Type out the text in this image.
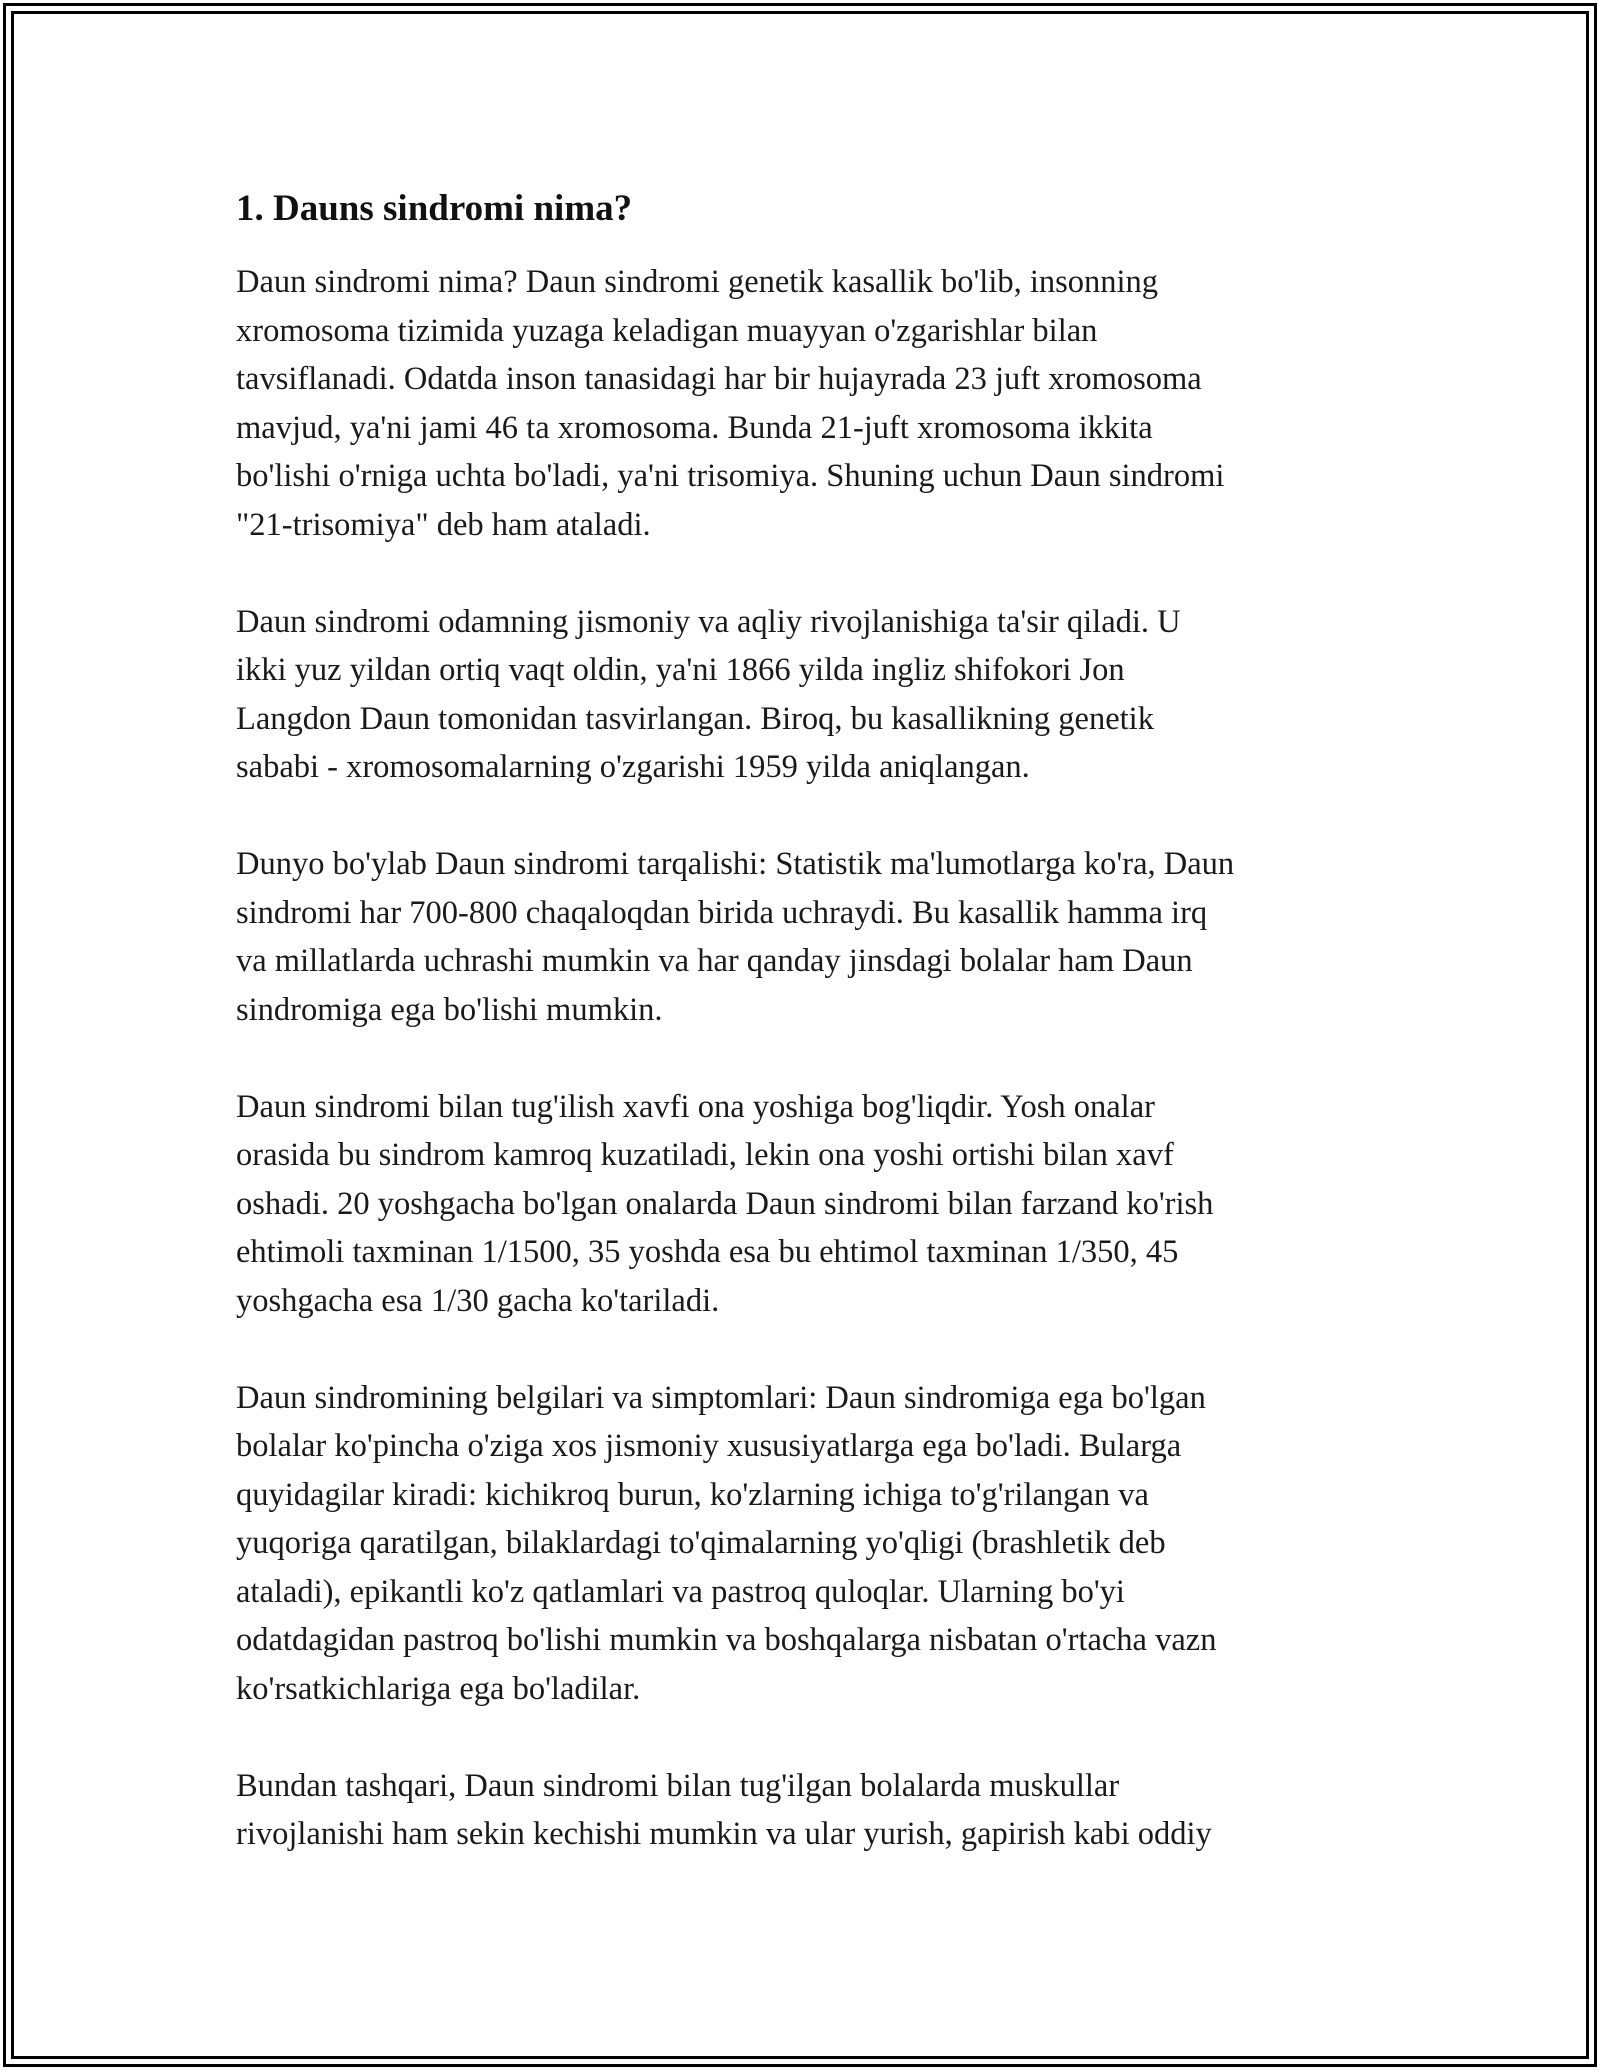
1. Dauns sindromi nima?

Daun sindromi nima? Daun sindromi genetik kasallik bo'lib, insonning
xromosoma tizimida yuzaga keladigan muayyan o'zgarishlar bilan
tavsiflanadi. Odatda inson tanasidagi har bir hujayrada 23 juft xromosoma
mavjud, ya'ni jami 46 ta xromosoma. Bunda 21-juft xromosoma ikkita
bo'lishi o'rniga uchta bo'ladi, ya'ni trisomiya. Shuning uchun Daun sindromi
"21-trisomiya" deb ham ataladi.

Daun sindromi odamning jismoniy va aqliy rivojlanishiga ta'sir qiladi. U
ikki yuz yildan ortiq vaqt oldin, ya'ni 1866 yilda ingliz shifokori Jon
Langdon Daun tomonidan tasvirlangan. Biroq, bu kasallikning genetik
sababi - xromosomalarning o'zgarishi 1959 yilda aniqlangan.

Dunyo bo'ylab Daun sindromi tarqalishi: Statistik ma'lumotlarga ko'ra, Daun
sindromi har 700-800 chaqaloqdan birida uchraydi. Bu kasallik hamma irq
va millatlarda uchrashi mumkin va har qanday jinsdagi bolalar ham Daun
sindromiga ega bo'lishi mumkin.

Daun sindromi bilan tug'ilish xavfi ona yoshiga bog'liqdir. Yosh onalar
orasida bu sindrom kamroq kuzatiladi, lekin ona yoshi ortishi bilan xavf
oshadi. 20 yoshgacha bo'lgan onalarda Daun sindromi bilan farzand ko'rish
ehtimoli taxminan 1/1500, 35 yoshda esa bu ehtimol taxminan 1/350, 45
yoshgacha esa 1/30 gacha ko'tariladi.

Daun sindromining belgilari va simptomlari: Daun sindromiga ega bo'lgan
bolalar ko'pincha o'ziga xos jismoniy xususiyatlarga ega bo'ladi. Bularga
quyidagilar kiradi: kichikroq burun, ko'zlarning ichiga to'g'rilangan va
yuqoriga qaratilgan, bilaklardagi to'qimalarning yo'qligi (brashletik deb
ataladi), epikantli ko'z qatlamlari va pastroq quloqlar. Ularning bo'yi
odatdagidan pastroq bo'lishi mumkin va boshqalarga nisbatan o'rtacha vazn
ko'rsatkichlariga ega bo'ladilar.

Bundan tashqari, Daun sindromi bilan tug'ilgan bolalarda muskullar
rivojlanishi ham sekin kechishi mumkin va ular yurish, gapirish kabi oddiy
